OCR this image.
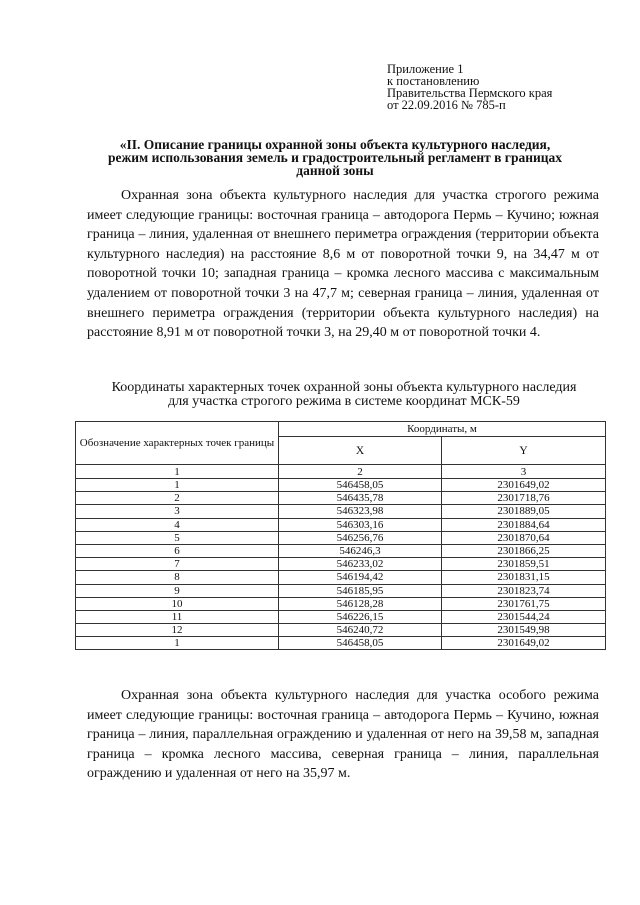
Приложение 1
к постановлению
Правительства Пермского края
от 22.09.2016 № 785-п
«II. Описание границы охранной зоны объекта культурного наследия,
режим использования земель и градостроительный регламент в границах
данной зоны

Охранная зона объекта культурного наследия для участка строгого режима имеет следующие границы: восточная граница – автодорога Пермь – Кучино; южная граница – линия, удаленная от внешнего периметра ограждения (территории объекта культурного наследия) на расстояние 8,6 м от поворотной точки 9, на 34,47 м от поворотной точки 10; западная граница – кромка лесного массива с максимальным удалением от поворотной точки 3 на 47,7 м; северная граница – линия, удаленная от внешнего периметра ограждения (территории объекта культурного наследия) на расстояние 8,91 м от поворотной точки 3, на 29,40 м от поворотной точки 4.

Координаты характерных точек охранной зоны объекта культурного наследия
для участка строгого режима в системе координат МСК-59
Обозначение характерных точек границы	Координаты, м	
	X	Y
1	2	3
1	546458,05	2301649,02
2	546435,78	2301718,76
3	546323,98	2301889,05
4	546303,16	2301884,64
5	546256,76	2301870,64
6	546246,3	2301866,25
7	546233,02	2301859,51
8	546194,42	2301831,15
9	546185,95	2301823,74
10	546128,28	2301761,75
11	546226,15	2301544,24
12	546240,72	2301549,98
1	546458,05	2301649,02

Охранная зона объекта культурного наследия для участка особого режима имеет следующие границы: восточная граница – автодорога Пермь – Кучино, южная граница – линия, параллельная ограждению и удаленная от него на 39,58 м, западная граница – кромка лесного массива, северная граница – линия, параллельная ограждению и удаленная от него на 35,97 м.
